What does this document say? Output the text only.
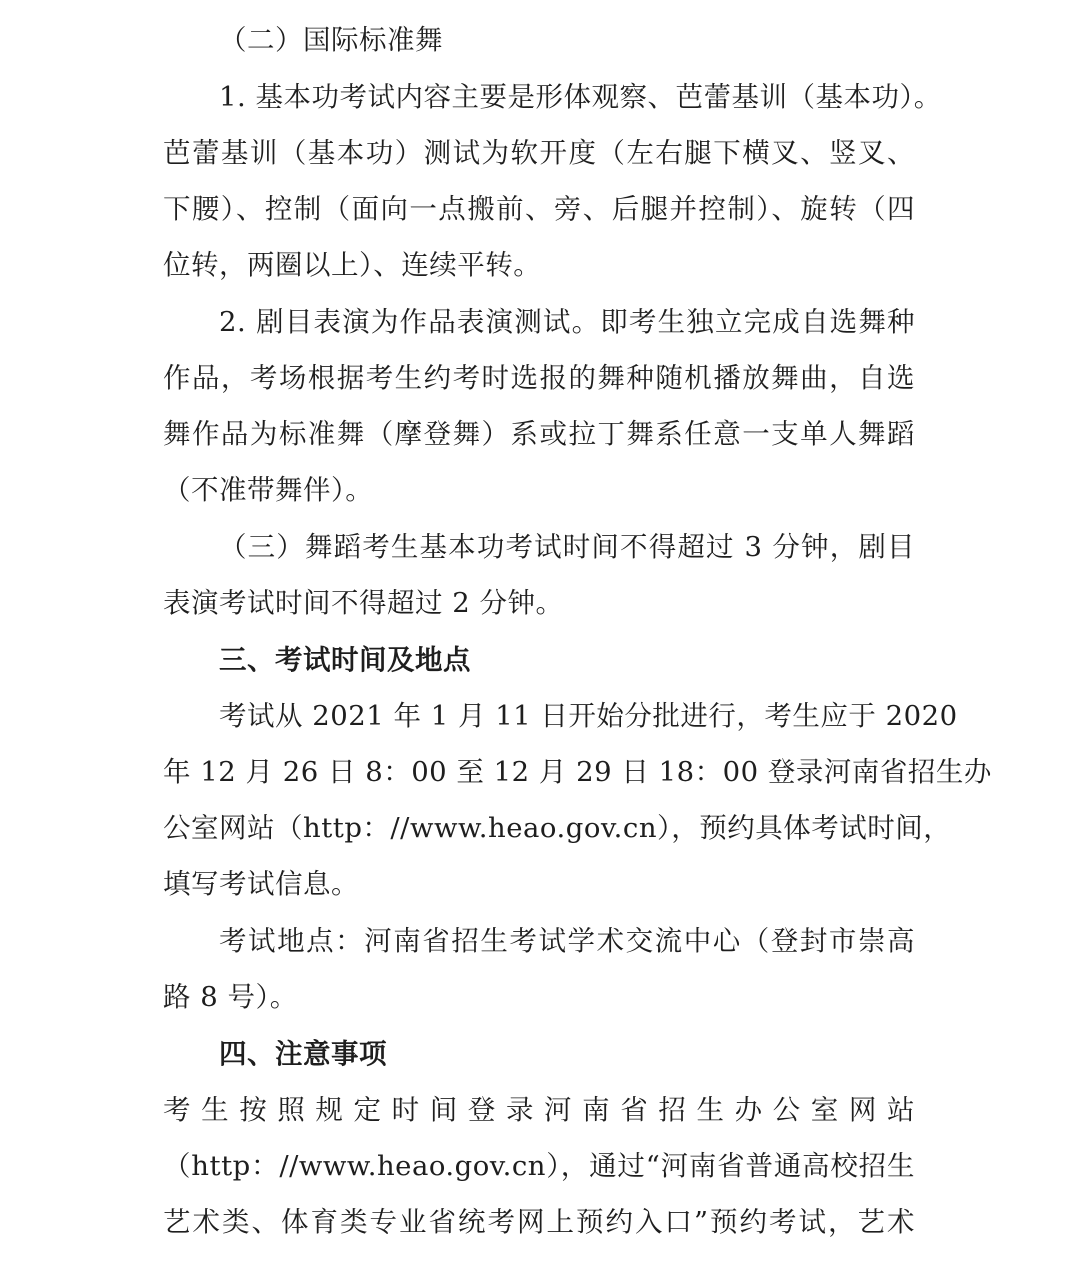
（二）国际标准舞
1. 基本功考试内容主要是形体观察、芭蕾基训（基本功）。
芭蕾基训（基本功）测试为软开度（左右腿下横叉、竖叉、
下腰）、控制（面向一点搬前、旁、后腿并控制）、旋转（四
位转，两圈以上）、连续平转。
2. 剧目表演为作品表演测试。即考生独立完成自选舞种
作品，考场根据考生约考时选报的舞种随机播放舞曲，自选
舞作品为标准舞（摩登舞）系或拉丁舞系任意一支单人舞蹈
（不准带舞伴）。
（三）舞蹈考生基本功考试时间不得超过 3 分钟，剧目
表演考试时间不得超过 2 分钟。
三、考试时间及地点
考试从 2021 年 1 月 11 日开始分批进行，考生应于 2020
年 12 月 26 日 8：00 至 12 月 29 日 18：00 登录河南省招生办
公室网站（http：//www.heao.gov.cn），预约具体考试时间，
填写考试信息。
考试地点：河南省招生考试学术交流中心（登封市崇高
路 8 号）。
四、注意事项
考生按照规定时间登录河南省招生办公室网站
（http：//www.heao.gov.cn），通过“河南省普通高校招生
艺术类、体育类专业省统考网上预约入口”预约考试，艺术
